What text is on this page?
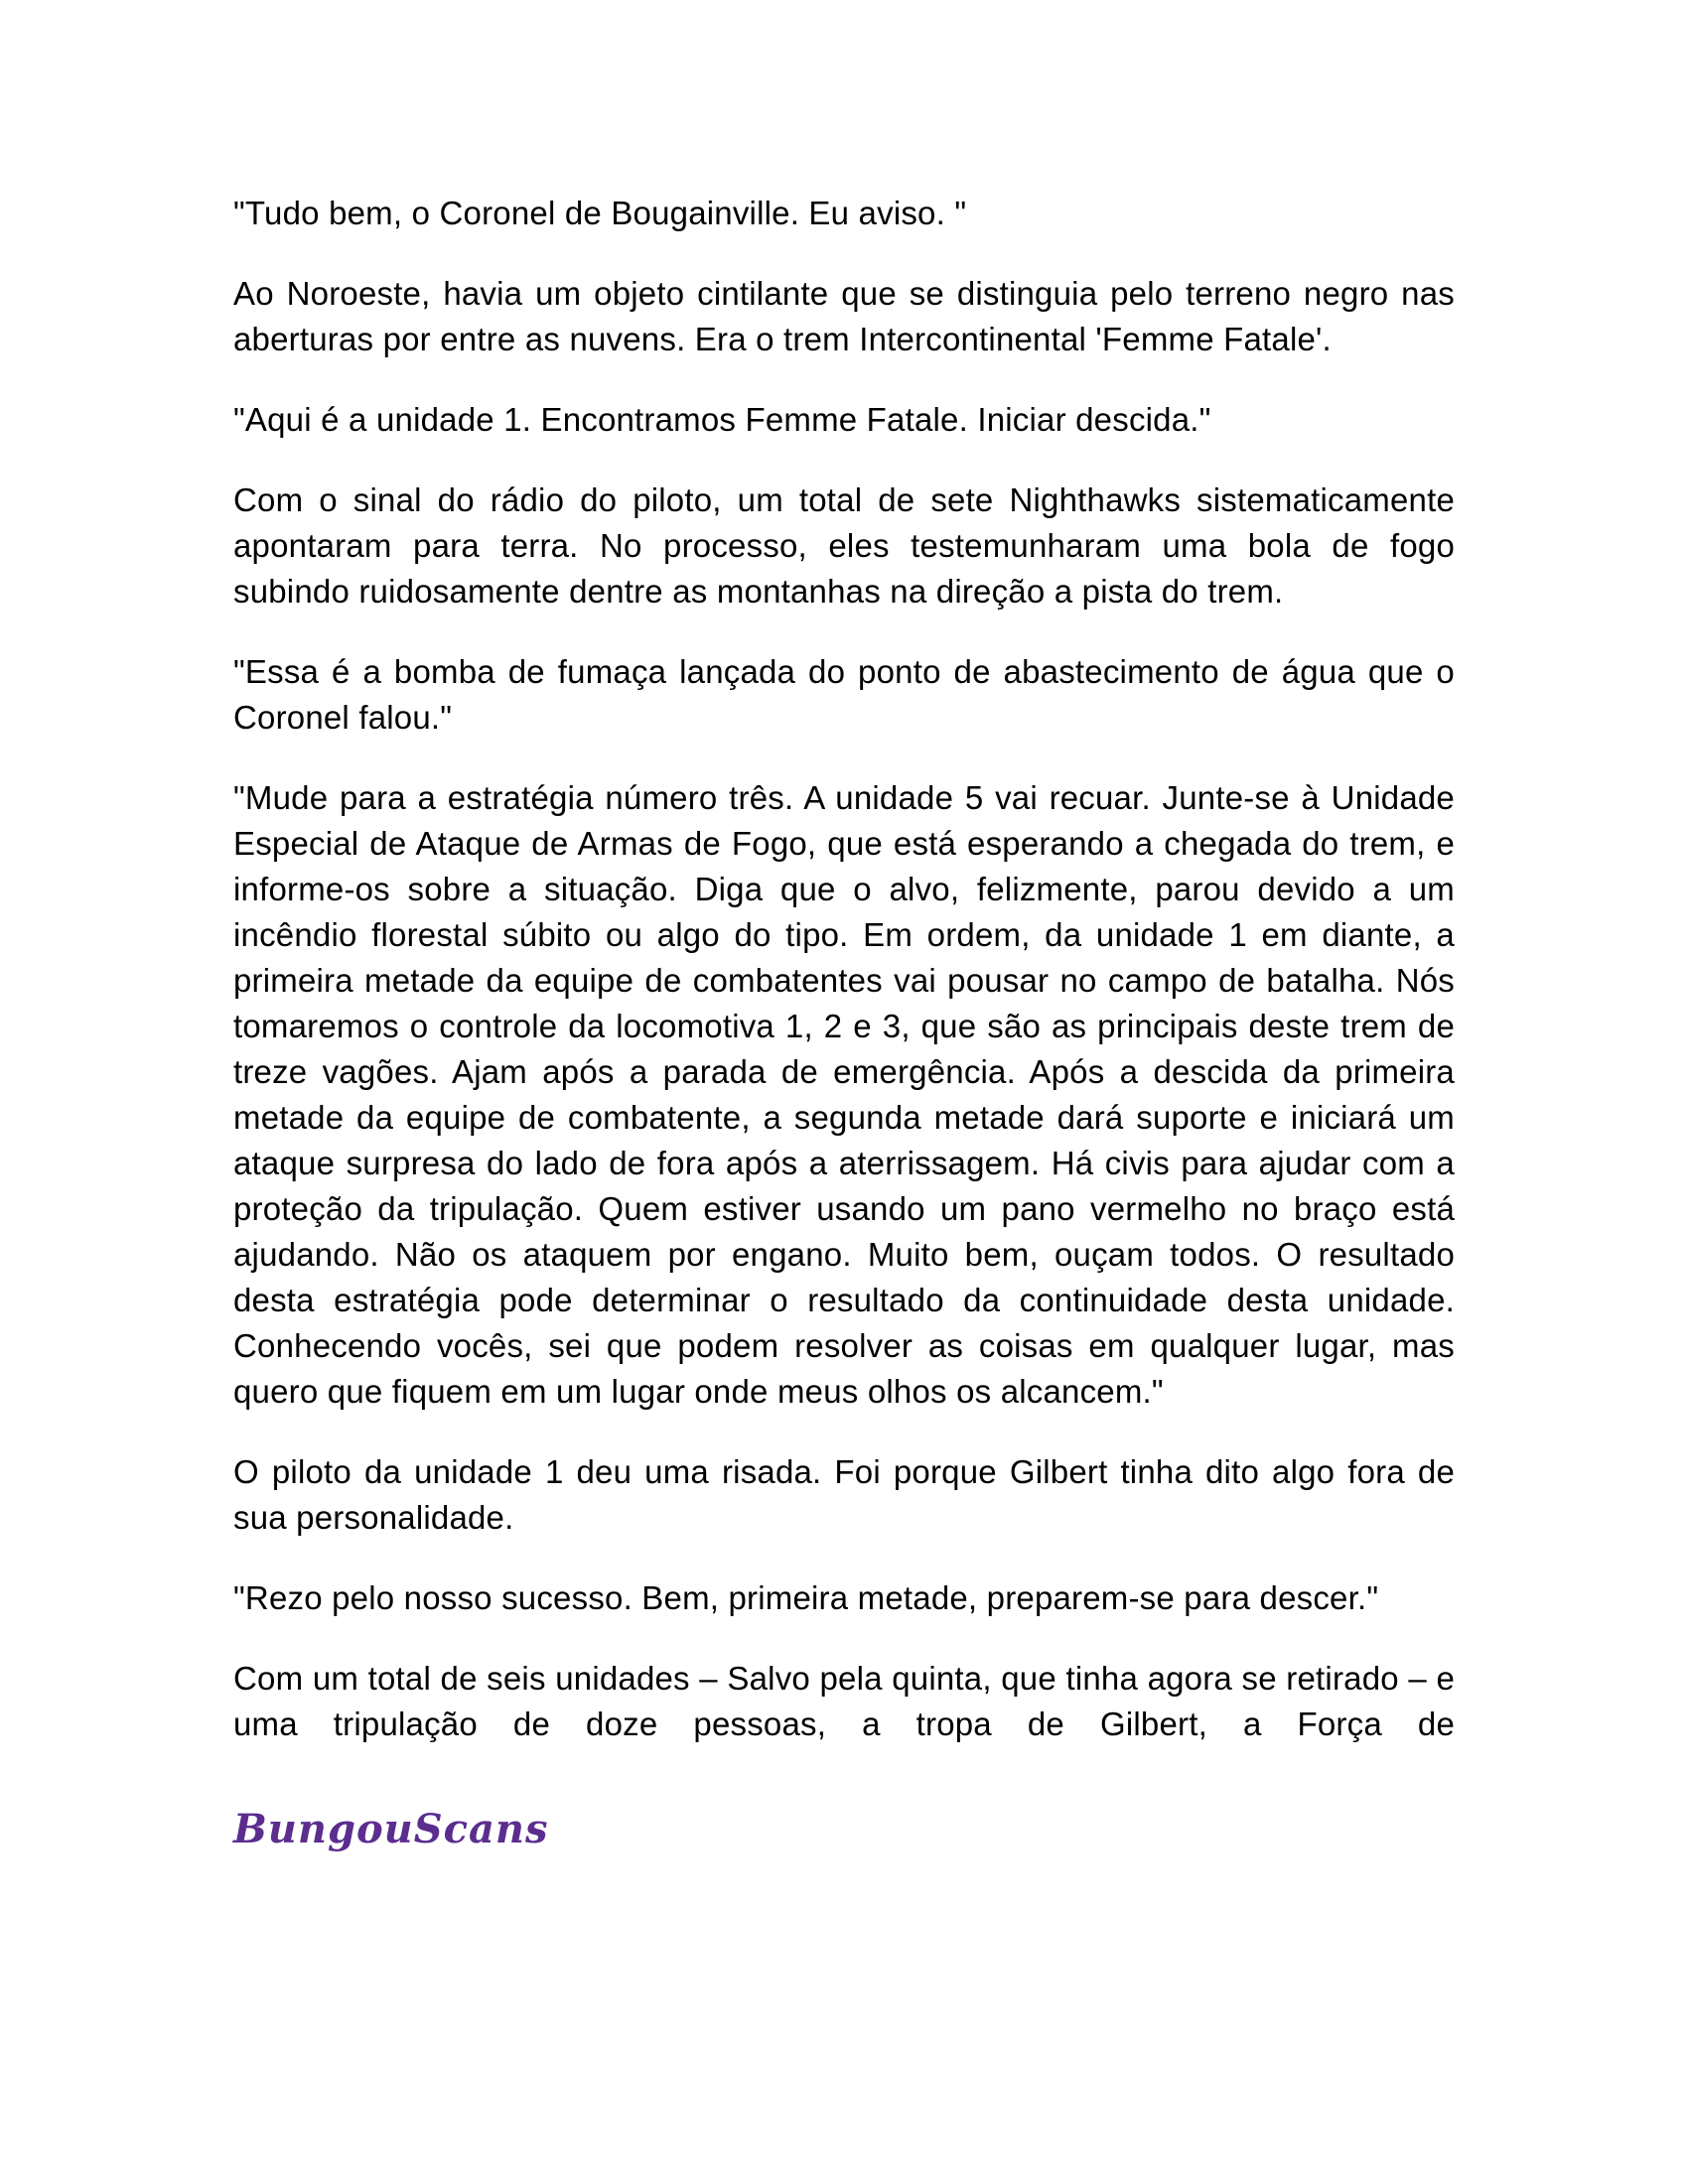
"Tudo bem, o Coronel de Bougainville. Eu aviso. "

Ao Noroeste, havia um objeto cintilante que se distinguia pelo terreno negro nas aberturas por entre as nuvens. Era o trem Intercontinental 'Femme Fatale'.

"Aqui é a unidade 1. Encontramos Femme Fatale. Iniciar descida."

Com o sinal do rádio do piloto, um total de sete Nighthawks sistematicamente apontaram para terra. No processo, eles testemunharam uma bola de fogo subindo ruidosamente dentre as montanhas na direção a pista do trem.

"Essa é a bomba de fumaça lançada do ponto de abastecimento de água que o Coronel falou."

"Mude para a estratégia número três. A unidade 5 vai recuar. Junte-se à Unidade Especial de Ataque de Armas de Fogo, que está esperando a chegada do trem, e informe-os sobre a situação. Diga que o alvo, felizmente, parou devido a um incêndio florestal súbito ou algo do tipo. Em ordem, da unidade 1 em diante, a primeira metade da equipe de combatentes vai pousar no campo de batalha. Nós tomaremos o controle da locomotiva 1, 2 e 3, que são as principais deste trem de treze vagões. Ajam após a parada de emergência. Após a descida da primeira metade da equipe de combatente, a segunda metade dará suporte e iniciará um ataque surpresa do lado de fora após a aterrissagem. Há civis para ajudar com a proteção da tripulação. Quem estiver usando um pano vermelho no braço está ajudando. Não os ataquem por engano. Muito bem, ouçam todos. O resultado desta estratégia pode determinar o resultado da continuidade desta unidade. Conhecendo vocês, sei que podem resolver as coisas em qualquer lugar, mas quero que fiquem em um lugar onde meus olhos os alcancem."

O piloto da unidade 1 deu uma risada. Foi porque Gilbert tinha dito algo fora de sua personalidade.

"Rezo pelo nosso sucesso. Bem, primeira metade, preparem-se para descer."

Com um total de seis unidades – Salvo pela quinta, que tinha agora se retirado – e uma tripulação de doze pessoas, a tropa de Gilbert, a Força de

BungouScans
